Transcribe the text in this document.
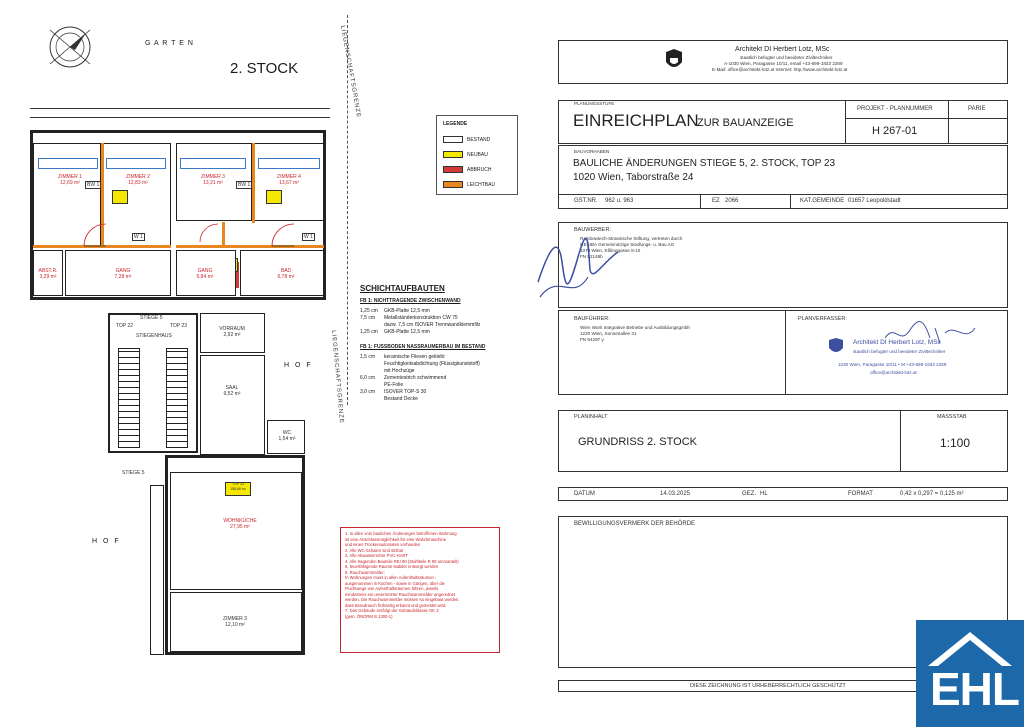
G A R T E N
2. STOCK	LIEGENSCHAFTSGRENZE
LIEGENSCHAFTSGRENZE
ZIMMER 1
12,69 m²
ZIMMER 2
12,83 m²
ZIMMER 3
13,21 m²
ZIMMER 4
13,67 m²
BW 1	BW 1
W 1	W 1
ABST.R.
3,29 m²
GANG
7,28 m²
GANG
5,84 m²
BAD
6,78 m²
TOP 22	TOP 23
STIEGENHAUS
STIEGE 5
VORRAUM
2,92 m²
SAAL
9,52 m²
WC
1,54 m²
H O F
TOP 23
158,68 m²
WOHNKÜCHE
27,95 m²
ZIMMER 3
12,10 m²
STIEGE 5
H O F
LEGENDE
BESTAND
NEUBAU
ABBRUCH
LEICHTBAU
SCHICHTAUFBAUTEN
FB 1: NICHTTRAGENDE ZWISCHENWAND
1,25 cm GKB-Platte 12,5 mm
7,5 cm	Metallständerkonstruktion CW 75
dazw. 7,5 cm ISOVER Trennwandklemmfilz
1,25 cm GKB-Platte 12,5 mm
FB 1: FUSSBODEN NASSRAUMERBAU IM BESTAND
1,5 cm	keramische Fliesen geklebt
Feuchtigkeitsabdichtung (Flüssigkunststoff)
mit Hochzüge
6,0 cm	Zementestrich schwimmend
PE-Folie
3,0 cm	ISOVER TOP-S 30
Bestand Decke
1. In allen vom baulichen Änderungen betroffenen Wohnung
ist eine Anschlussmöglichkeit für eine Waschmaschine
und einen Trockenautomaten vorhanden
2. Alle WC-Schalen sind sitzbar
3. Alle Abwasserrohre PVC-HART
4. Alle tragenden Bauteile REI 90 (Stahlteile R 90 ummantelt)
5. feuerfähigende Räume stabiler entsorgt werden
6. Rauchwarnmelder:
In Wohnungen muss in allen Aufenthaltsräumen -
ausgenommen in Küchen - sowie in Gängen, über die
Fluchtwege von Aufenthaltsräumen führen, jeweils
mindestens ein unvernetzter Rauchwarnmelder angeordnet
werden. Die Rauchwarnmelder müssen so eingebaut werden,
dass Brandrauch frühzeitig erkannt und gemeldet wird.
7. Das Gebäude entfolgt der Gebäudeklasse GK 2
(gem. ÖNORM B 1300-1)
Architekt DI Herbert Lotz, MSc
staatlich befugter und beeideter Ziviltechniker
A-1030 Wien, Paragasse 10/11, email +43-699-1833 2269
E-Mail: office@architekt-lotz.at Internet: http://www.architekt-lotz.at
PLANUNGSSTUFE
EINREICHPLAN
ZUR BAUANZEIGE
PROJEKT - PLANNUMMER	PARIE
H 267-01
BAUVORHABEN
BAULICHE ÄNDERUNGEN STIEGE 5, 2. STOCK, TOP 23
1020 Wien, Taborstraße 24
GST.NR. 962 u. 963	EZ 2066	KAT.GEMEINDE 01657 Leopoldstadt
BAUWERBER:
Rainbowtech-Strasnische Stiftung, vertreten durch
GESIBA Gemeinnützige Siedlungs- u. Bau AG
1070 Wien, Eßlinggasse 8-10
FN 92148b
BAUFÜHRER:
Wien Work Integrative Betriebe und Ausbildungsgmbh
1220 Wien, Sonnenallee 31
FN 94297 y
PLANVERFASSER:
Architekt DI Herbert Lotz, MSc
staatlich befugter und beeideter Ziviltechniker
1030 Wien, Paragasse 10/11 • M +43-699-1833 2269
office@architekt-lotz.at
PLANINHALT
GRUNDRISS 2. STOCK
MASSSTAB
1:100
DATUM	14.03.2025	GEZ. HL	FORMAT	0,42 x 0,297 = 0,125 m²
BEWILLIGUNGSVERMERK DER BEHÖRDE
DIESE ZEICHNUNG IST URHEBERRECHTLICH GESCHÜTZT EHL
